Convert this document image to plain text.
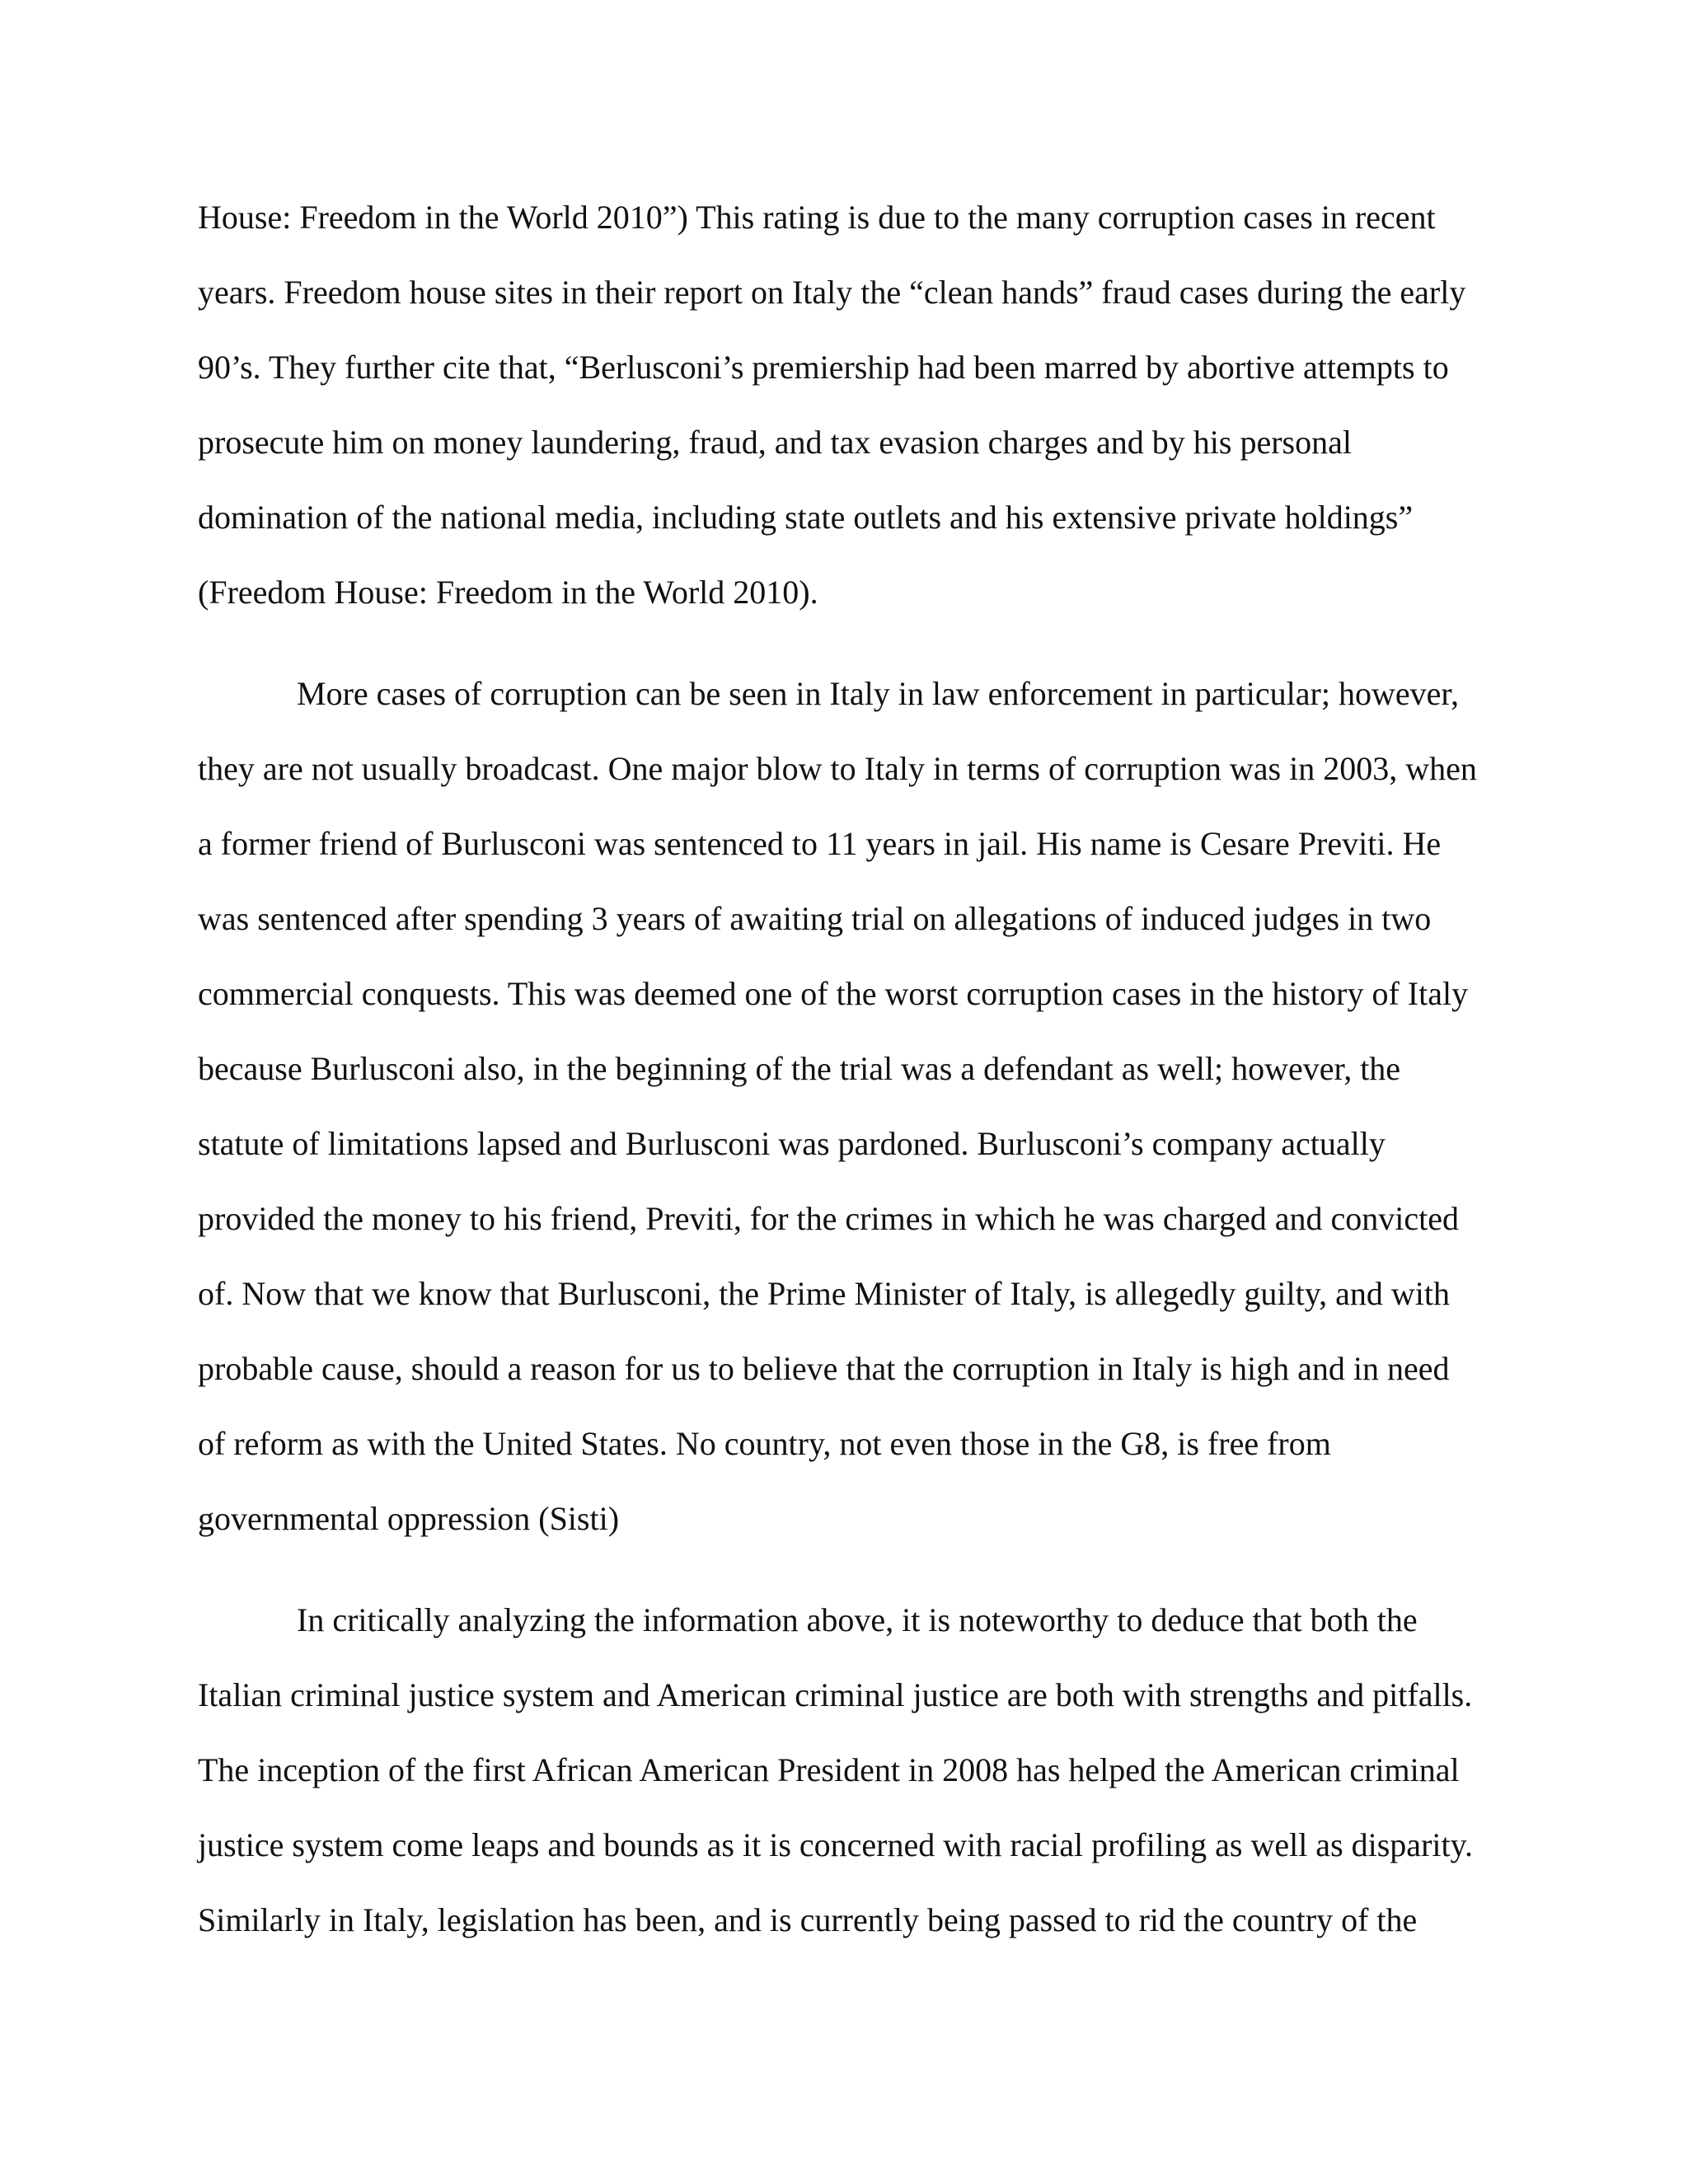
House: Freedom in the World 2010”) This rating is due to the many corruption cases in recent
years. Freedom house sites in their report on Italy the “clean hands” fraud cases during the early
90’s. They further cite that, “Berlusconi’s premiership had been marred by abortive attempts to
prosecute him on money laundering, fraud, and tax evasion charges and by his personal
domination of the national media, including state outlets and his extensive private holdings”
(Freedom House: Freedom in the World 2010).
More cases of corruption can be seen in Italy in law enforcement in particular; however,
they are not usually broadcast. One major blow to Italy in terms of corruption was in 2003, when
a former friend of Burlusconi was sentenced to 11 years in jail. His name is Cesare Previti. He
was sentenced after spending 3 years of awaiting trial on allegations of induced judges in two
commercial conquests. This was deemed one of the worst corruption cases in the history of Italy
because Burlusconi also, in the beginning of the trial was a defendant as well; however, the
statute of limitations lapsed and Burlusconi was pardoned. Burlusconi’s company actually
provided the money to his friend, Previti, for the crimes in which he was charged and convicted
of. Now that we know that Burlusconi, the Prime Minister of Italy, is allegedly guilty, and with
probable cause, should a reason for us to believe that the corruption in Italy is high and in need
of reform as with the United States. No country, not even those in the G8, is free from
governmental oppression (Sisti)
In critically analyzing the information above, it is noteworthy to deduce that both the
Italian criminal justice system and American criminal justice are both with strengths and pitfalls.
The inception of the first African American President in 2008 has helped the American criminal
justice system come leaps and bounds as it is concerned with racial profiling as well as disparity.
Similarly in Italy, legislation has been, and is currently being passed to rid the country of the
